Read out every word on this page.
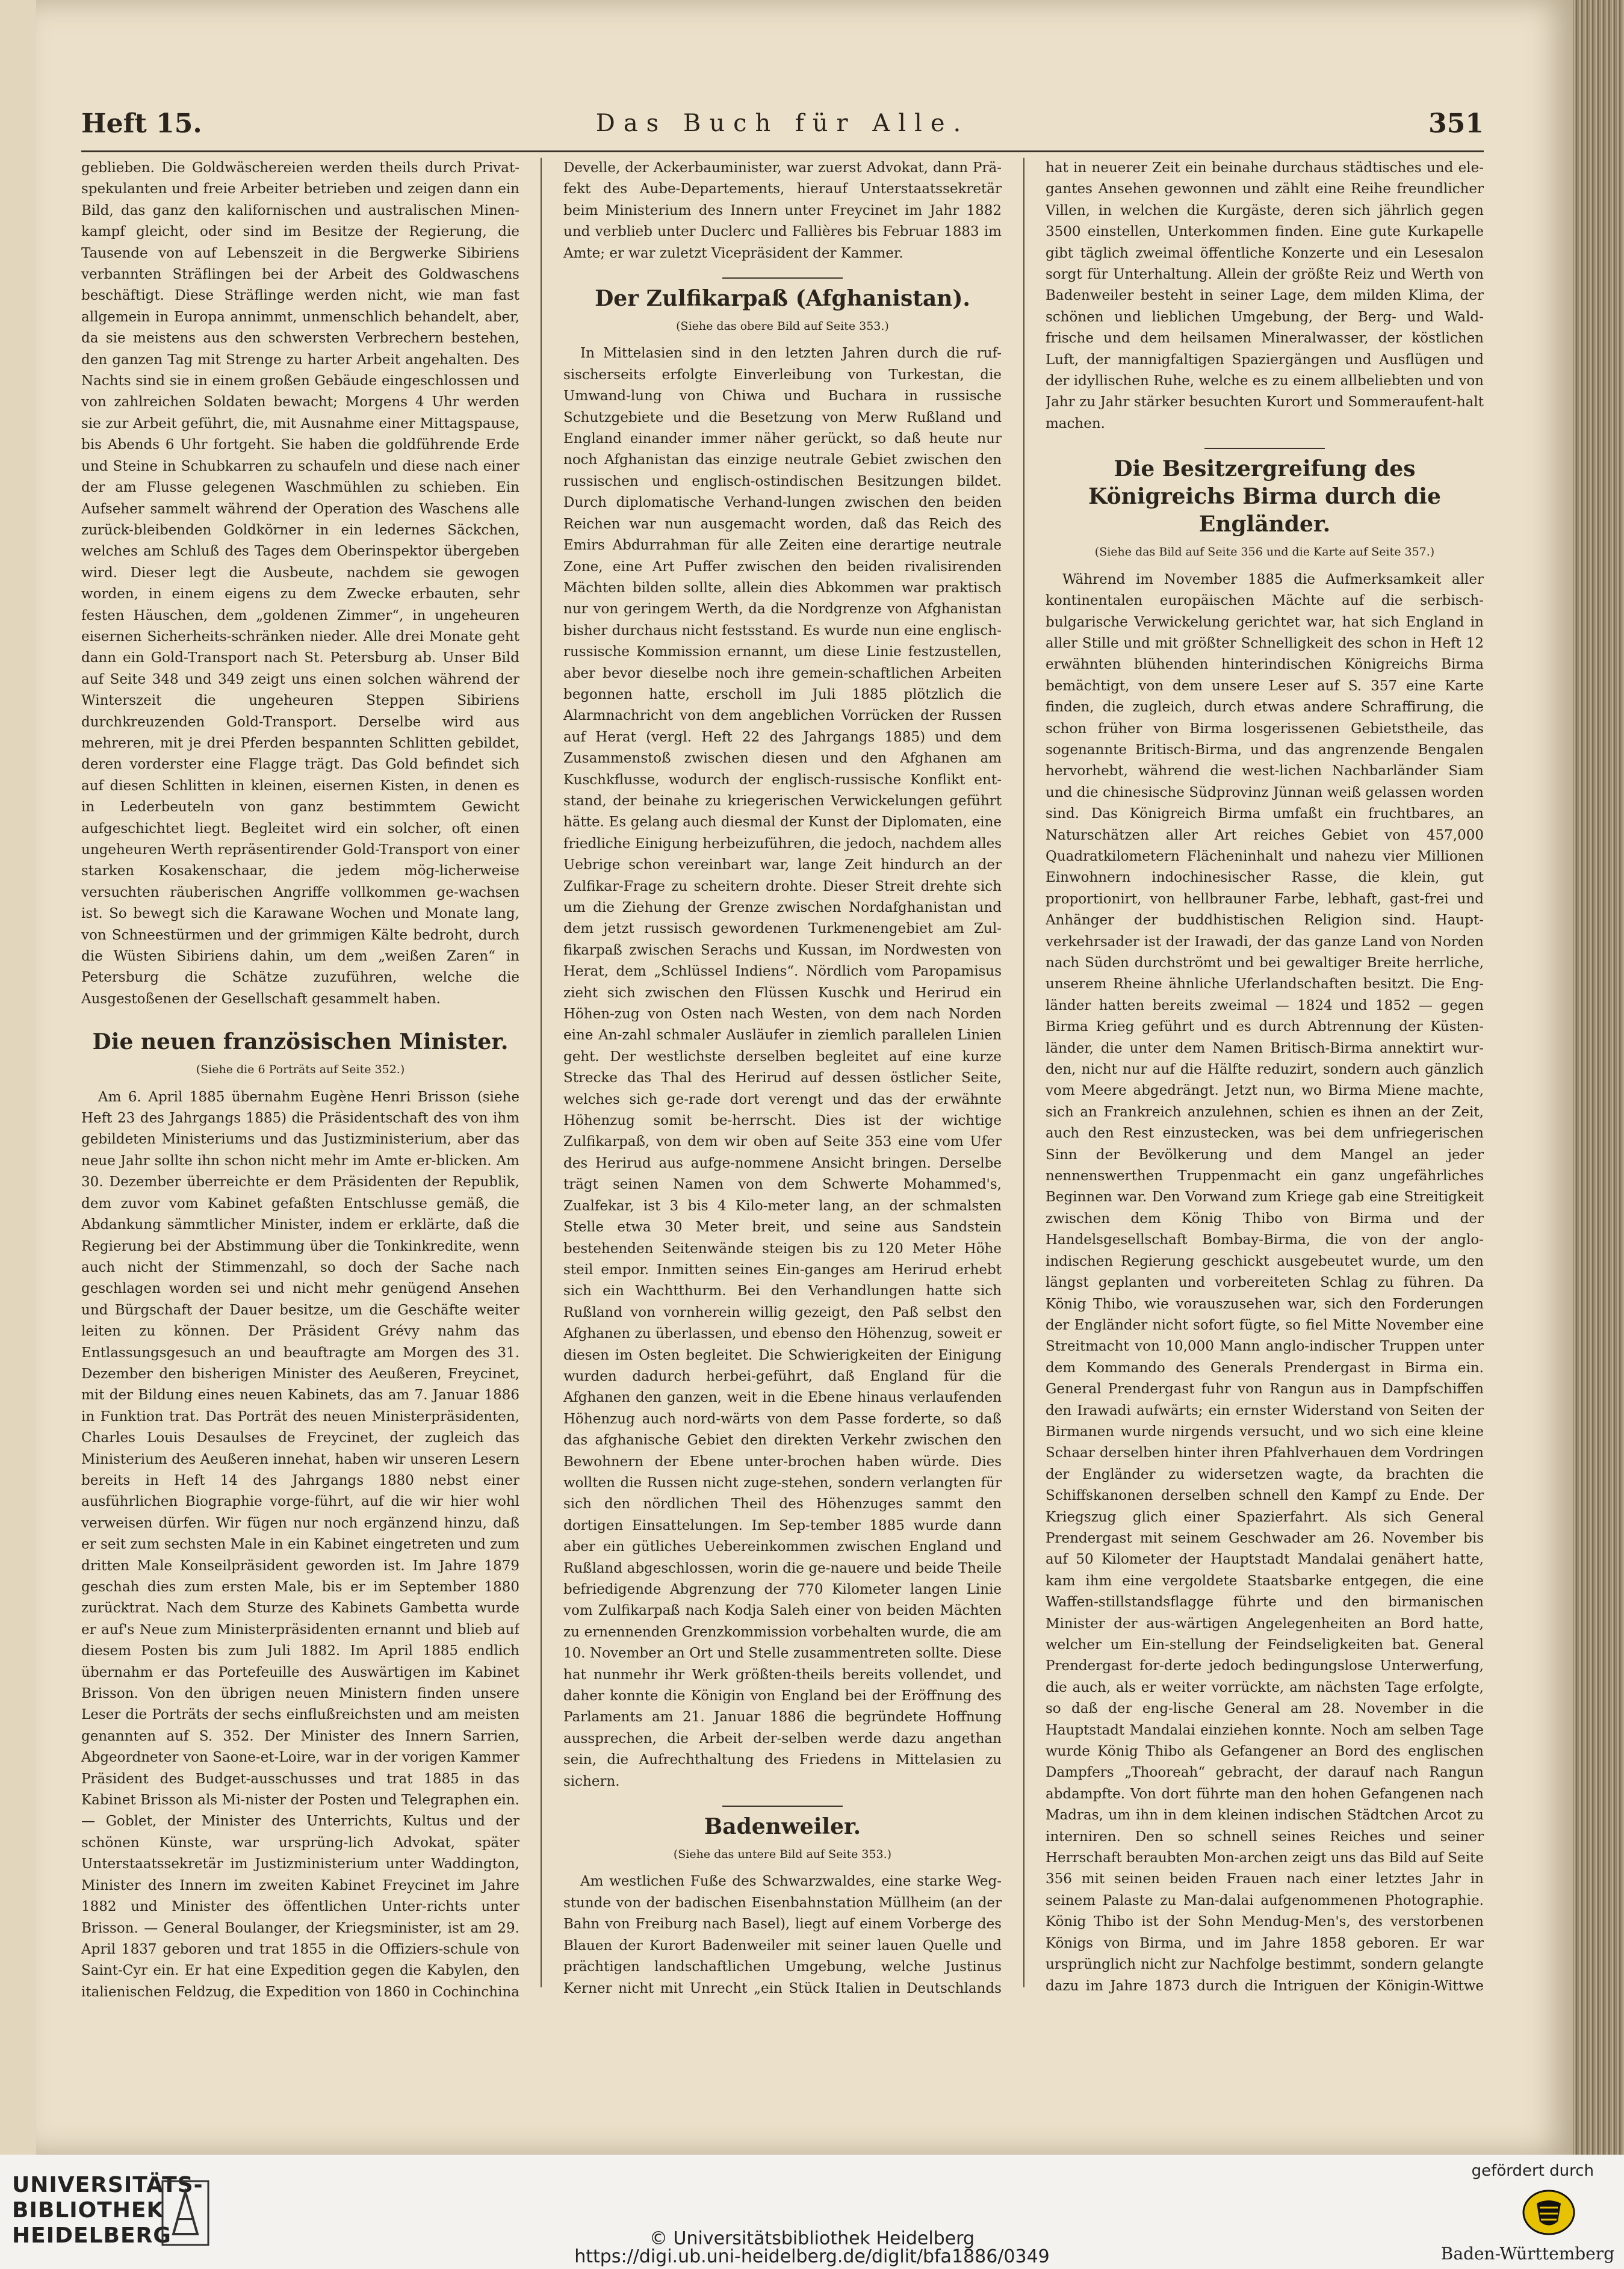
Heft 15.	Das Buch für Alle.	351

geblieben. Die Goldwäschereien werden theils durch Privat-spekulanten und freie Arbeiter betrieben und zeigen dann ein Bild, das ganz den kalifornischen und australischen Minen-kampf gleicht, oder sind im Besitze der Regierung, die Tausende von auf Lebenszeit in die Bergwerke Sibiriens verbannten Sträflingen bei der Arbeit des Goldwaschens beschäftigt. Diese Sträflinge werden nicht, wie man fast allgemein in Europa annimmt, unmenschlich behandelt, aber, da sie meistens aus den schwersten Verbrechern bestehen, den ganzen Tag mit Strenge zu harter Arbeit angehalten. Des Nachts sind sie in einem großen Gebäude eingeschlossen und von zahlreichen Soldaten bewacht; Morgens 4 Uhr werden sie zur Arbeit geführt, die, mit Ausnahme einer Mittagspause, bis Abends 6 Uhr fortgeht. Sie haben die goldführende Erde und Steine in Schubkarren zu schaufeln und diese nach einer der am Flusse gelegenen Waschmühlen zu schieben. Ein Aufseher sammelt während der Operation des Waschens alle zurück-bleibenden Goldkörner in ein ledernes Säckchen, welches am Schluß des Tages dem Oberinspektor übergeben wird. Dieser legt die Ausbeute, nachdem sie gewogen worden, in einem eigens zu dem Zwecke erbauten, sehr festen Häuschen, dem „goldenen Zimmer“, in ungeheuren eisernen Sicherheits-schränken nieder. Alle drei Monate geht dann ein Gold-Transport nach St. Petersburg ab. Unser Bild auf Seite 348 und 349 zeigt uns einen solchen während der Winterszeit die ungeheuren Steppen Sibiriens durchkreuzenden Gold-Transport. Derselbe wird aus mehreren, mit je drei Pferden bespannten Schlitten gebildet, deren vorderster eine Flagge trägt. Das Gold befindet sich auf diesen Schlitten in kleinen, eisernen Kisten, in denen es in Lederbeuteln von ganz bestimmtem Gewicht aufgeschichtet liegt. Begleitet wird ein solcher, oft einen ungeheuren Werth repräsentirender Gold-Transport von einer starken Kosakenschaar, die jedem mög-licherweise versuchten räuberischen Angriffe vollkommen ge-wachsen ist. So bewegt sich die Karawane Wochen und Monate lang, von Schneestürmen und der grimmigen Kälte bedroht, durch die Wüsten Sibiriens dahin, um dem „weißen Zaren“ in Petersburg die Schätze zuzuführen, welche die Ausgestoßenen der Gesellschaft gesammelt haben.

Die neuen französischen Minister.

(Siehe die 6 Porträts auf Seite 352.)

Am 6. April 1885 übernahm Eugène Henri Brisson (siehe Heft 23 des Jahrgangs 1885) die Präsidentschaft des von ihm gebildeten Ministeriums und das Justizministerium, aber das neue Jahr sollte ihn schon nicht mehr im Amte er-blicken. Am 30. Dezember überreichte er dem Präsidenten der Republik, dem zuvor vom Kabinet gefaßten Entschlusse gemäß, die Abdankung sämmtlicher Minister, indem er erklärte, daß die Regierung bei der Abstimmung über die Tonkinkredite, wenn auch nicht der Stimmenzahl, so doch der Sache nach geschlagen worden sei und nicht mehr genügend Ansehen und Bürgschaft der Dauer besitze, um die Geschäfte weiter leiten zu können. Der Präsident Grévy nahm das Entlassungsgesuch an und beauftragte am Morgen des 31. Dezember den bisherigen Minister des Aeußeren, Freycinet, mit der Bildung eines neuen Kabinets, das am 7. Januar 1886 in Funktion trat. Das Porträt des neuen Ministerpräsidenten, Charles Louis Desaulses de Freycinet, der zugleich das Ministerium des Aeußeren innehat, haben wir unseren Lesern bereits in Heft 14 des Jahrgangs 1880 nebst einer ausführlichen Biographie vorge-führt, auf die wir hier wohl verweisen dürfen. Wir fügen nur noch ergänzend hinzu, daß er seit zum sechsten Male in ein Kabinet eingetreten und zum dritten Male Konseilpräsident geworden ist. Im Jahre 1879 geschah dies zum ersten Male, bis er im September 1880 zurücktrat. Nach dem Sturze des Kabinets Gambetta wurde er auf's Neue zum Ministerpräsidenten ernannt und blieb auf diesem Posten bis zum Juli 1882. Im April 1885 endlich übernahm er das Portefeuille des Auswärtigen im Kabinet Brisson. Von den übrigen neuen Ministern finden unsere Leser die Porträts der sechs einflußreichsten und am meisten genannten auf S. 352. Der Minister des Innern Sarrien, Abgeordneter von Saone-et-Loire, war in der vorigen Kammer Präsident des Budget-ausschusses und trat 1885 in das Kabinet Brisson als Mi-nister der Posten und Telegraphen ein. — Goblet, der Minister des Unterrichts, Kultus und der schönen Künste, war ursprüng-lich Advokat, später Unterstaatssekretär im Justizministerium unter Waddington, Minister des Innern im zweiten Kabinet Freycinet im Jahre 1882 und Minister des öffentlichen Unter-richts unter Brisson. — General Boulanger, der Kriegsminister, ist am 29. April 1837 geboren und trat 1855 in die Offiziers-schule von Saint-Cyr ein. Er hat eine Expedition gegen die Kabylen, den italienischen Feldzug, die Expedition von 1860 in Cochinchina

Develle, der Ackerbauminister, war zuerst Advokat, dann Prä-fekt des Aube-Departements, hierauf Unterstaatssekretär beim Ministerium des Innern unter Freycinet im Jahr 1882 und verblieb unter Duclerc und Fallières bis Februar 1883 im Amte; er war zuletzt Vicepräsident der Kammer.

Der Zulfikarpaß (Afghanistan).

(Siehe das obere Bild auf Seite 353.)

In Mittelasien sind in den letzten Jahren durch die ruf-sischerseits erfolgte Einverleibung von Turkestan, die Umwand-lung von Chiwa und Buchara in russische Schutzgebiete und die Besetzung von Merw Rußland und England einander immer näher gerückt, so daß heute nur noch Afghanistan das einzige neutrale Gebiet zwischen den russischen und englisch-ostindischen Besitzungen bildet. Durch diplomatische Verhand-lungen zwischen den beiden Reichen war nun ausgemacht worden, daß das Reich des Emirs Abdurrahman für alle Zeiten eine derartige neutrale Zone, eine Art Puffer zwischen den beiden rivalisirenden Mächten bilden sollte, allein dies Abkommen war praktisch nur von geringem Werth, da die Nordgrenze von Afghanistan bisher durchaus nicht festsstand. Es wurde nun eine englisch-russische Kommission ernannt, um diese Linie festzustellen, aber bevor dieselbe noch ihre gemein-schaftlichen Arbeiten begonnen hatte, erscholl im Juli 1885 plötzlich die Alarmnachricht von dem angeblichen Vorrücken der Russen auf Herat (vergl. Heft 22 des Jahrgangs 1885) und dem Zusammenstoß zwischen diesen und den Afghanen am Kuschkflusse, wodurch der englisch-russische Konflikt ent-stand, der beinahe zu kriegerischen Verwickelungen geführt hätte. Es gelang auch diesmal der Kunst der Diplomaten, eine friedliche Einigung herbeizuführen, die jedoch, nachdem alles Uebrige schon vereinbart war, lange Zeit hindurch an der Zulfikar-Frage zu scheitern drohte. Dieser Streit drehte sich um die Ziehung der Grenze zwischen Nordafghanistan und dem jetzt russisch gewordenen Turkmenengebiet am Zul-fikarpaß zwischen Serachs und Kussan, im Nordwesten von Herat, dem „Schlüssel Indiens“. Nördlich vom Paropamisus zieht sich zwischen den Flüssen Kuschk und Herirud ein Höhen-zug von Osten nach Westen, von dem nach Norden eine An-zahl schmaler Ausläufer in ziemlich parallelen Linien geht. Der westlichste derselben begleitet auf eine kurze Strecke das Thal des Herirud auf dessen östlicher Seite, welches sich ge-rade dort verengt und das der erwähnte Höhenzug somit be-herrscht. Dies ist der wichtige Zulfikarpaß, von dem wir oben auf Seite 353 eine vom Ufer des Herirud aus aufge-nommene Ansicht bringen. Derselbe trägt seinen Namen von dem Schwerte Mohammed's, Zualfekar, ist 3 bis 4 Kilo-meter lang, an der schmalsten Stelle etwa 30 Meter breit, und seine aus Sandstein bestehenden Seitenwände steigen bis zu 120 Meter Höhe steil empor. Inmitten seines Ein-ganges am Herirud erhebt sich ein Wachtthurm. Bei den Verhandlungen hatte sich Rußland von vornherein willig gezeigt, den Paß selbst den Afghanen zu überlassen, und ebenso den Höhenzug, soweit er diesen im Osten begleitet. Die Schwierigkeiten der Einigung wurden dadurch herbei-geführt, daß England für die Afghanen den ganzen, weit in die Ebene hinaus verlaufenden Höhenzug auch nord-wärts von dem Passe forderte, so daß das afghanische Gebiet den direkten Verkehr zwischen den Bewohnern der Ebene unter-brochen haben würde. Dies wollten die Russen nicht zuge-stehen, sondern verlangten für sich den nördlichen Theil des Höhenzuges sammt den dortigen Einsattelungen. Im Sep-tember 1885 wurde dann aber ein gütliches Uebereinkommen zwischen England und Rußland abgeschlossen, worin die ge-nauere und beide Theile befriedigende Abgrenzung der 770 Kilometer langen Linie vom Zulfikarpaß nach Kodja Saleh einer von beiden Mächten zu ernennenden Grenzkommission vorbehalten wurde, die am 10. November an Ort und Stelle zusammentreten sollte. Diese hat nunmehr ihr Werk größten-theils bereits vollendet, und daher konnte die Königin von England bei der Eröffnung des Parlaments am 21. Januar 1886 die begründete Hoffnung aussprechen, die Arbeit der-selben werde dazu angethan sein, die Aufrechthaltung des Friedens in Mittelasien zu sichern.

Badenweiler.

(Siehe das untere Bild auf Seite 353.)

Am westlichen Fuße des Schwarzwaldes, eine starke Weg-stunde von der badischen Eisenbahnstation Müllheim (an der Bahn von Freiburg nach Basel), liegt auf einem Vorberge des Blauen der Kurort Badenweiler mit seiner lauen Quelle und prächtigen landschaftlichen Umgebung, welche Justinus Kerner nicht mit Unrecht „ein Stück Italien in Deutschlands

hat in neuerer Zeit ein beinahe durchaus städtisches und ele-gantes Ansehen gewonnen und zählt eine Reihe freundlicher Villen, in welchen die Kurgäste, deren sich jährlich gegen 3500 einstellen, Unterkommen finden. Eine gute Kurkapelle gibt täglich zweimal öffentliche Konzerte und ein Lesesalon sorgt für Unterhaltung. Allein der größte Reiz und Werth von Badenweiler besteht in seiner Lage, dem milden Klima, der schönen und lieblichen Umgebung, der Berg- und Wald-frische und dem heilsamen Mineralwasser, der köstlichen Luft, der mannigfaltigen Spaziergängen und Ausflügen und der idyllischen Ruhe, welche es zu einem allbeliebten und von Jahr zu Jahr stärker besuchten Kurort und Sommeraufent-halt machen.

Die Besitzergreifung des Königreichs Birma durch die Engländer.

(Siehe das Bild auf Seite 356 und die Karte auf Seite 357.)

Während im November 1885 die Aufmerksamkeit aller kontinentalen europäischen Mächte auf die serbisch-bulgarische Verwickelung gerichtet war, hat sich England in aller Stille und mit größter Schnelligkeit des schon in Heft 12 erwähnten blühenden hinterindischen Königreichs Birma bemächtigt, von dem unsere Leser auf S. 357 eine Karte finden, die zugleich, durch etwas andere Schraffirung, die schon früher von Birma losgerissenen Gebietstheile, das sogenannte Britisch-Birma, und das angrenzende Bengalen hervorhebt, während die west-lichen Nachbarländer Siam und die chinesische Südprovinz Jünnan weiß gelassen worden sind. Das Königreich Birma umfaßt ein fruchtbares, an Naturschätzen aller Art reiches Gebiet von 457,000 Quadratkilometern Flächeninhalt und nahezu vier Millionen Einwohnern indochinesischer Rasse, die klein, gut proportionirt, von hellbrauner Farbe, lebhaft, gast-frei und Anhänger der buddhistischen Religion sind. Haupt-verkehrsader ist der Irawadi, der das ganze Land von Norden nach Süden durchströmt und bei gewaltiger Breite herrliche, unserem Rheine ähnliche Uferlandschaften besitzt. Die Eng-länder hatten bereits zweimal — 1824 und 1852 — gegen Birma Krieg geführt und es durch Abtrennung der Küsten-länder, die unter dem Namen Britisch-Birma annektirt wur-den, nicht nur auf die Hälfte reduzirt, sondern auch gänzlich vom Meere abgedrängt. Jetzt nun, wo Birma Miene machte, sich an Frankreich anzulehnen, schien es ihnen an der Zeit, auch den Rest einzustecken, was bei dem unfriegerischen Sinn der Bevölkerung und dem Mangel an jeder nennenswerthen Truppenmacht ein ganz ungefährliches Beginnen war. Den Vorwand zum Kriege gab eine Streitigkeit zwischen dem König Thibo von Birma und der Handelsgesellschaft Bombay-Birma, die von der anglo-indischen Regierung geschickt ausgebeutet wurde, um den längst geplanten und vorbereiteten Schlag zu führen. Da König Thibo, wie vorauszusehen war, sich den Forderungen der Engländer nicht sofort fügte, so fiel Mitte November eine Streitmacht von 10,000 Mann anglo-indischer Truppen unter dem Kommando des Generals Prendergast in Birma ein. General Prendergast fuhr von Rangun aus in Dampfschiffen den Irawadi aufwärts; ein ernster Widerstand von Seiten der Birmanen wurde nirgends versucht, und wo sich eine kleine Schaar derselben hinter ihren Pfahlverhauen dem Vordringen der Engländer zu widersetzen wagte, da brachten die Schiffskanonen derselben schnell den Kampf zu Ende. Der Kriegszug glich einer Spazierfahrt. Als sich General Prendergast mit seinem Geschwader am 26. November bis auf 50 Kilometer der Hauptstadt Mandalai genähert hatte, kam ihm eine vergoldete Staatsbarke entgegen, die eine Waffen-stillstandsflagge führte und den birmanischen Minister der aus-wärtigen Angelegenheiten an Bord hatte, welcher um Ein-stellung der Feindseligkeiten bat. General Prendergast for-derte jedoch bedingungslose Unterwerfung, die auch, als er weiter vorrückte, am nächsten Tage erfolgte, so daß der eng-lische General am 28. November in die Hauptstadt Mandalai einziehen konnte. Noch am selben Tage wurde König Thibo als Gefangener an Bord des englischen Dampfers „Thooreah“ gebracht, der darauf nach Rangun abdampfte. Von dort führte man den hohen Gefangenen nach Madras, um ihn in dem kleinen indischen Städtchen Arcot zu interniren. Den so schnell seines Reiches und seiner Herrschaft beraubten Mon-archen zeigt uns das Bild auf Seite 356 mit seinen beiden Frauen nach einer letztes Jahr in seinem Palaste zu Man-dalai aufgenommenen Photographie. König Thibo ist der Sohn Mendug-Men's, des verstorbenen Königs von Birma, und im Jahre 1858 geboren. Er war ursprünglich nicht zur Nachfolge bestimmt, sondern gelangte dazu im Jahre 1873 durch die Intriguen der Königin-Wittwe

UNIVERSITÄTS-
BIBLIOTHEK
HEIDELBERG	© Universitätsbibliothek Heidelberg
https://digi.ub.uni-heidelberg.de/diglit/bfa1886/0349
gefördert durch
Baden-Württemberg
